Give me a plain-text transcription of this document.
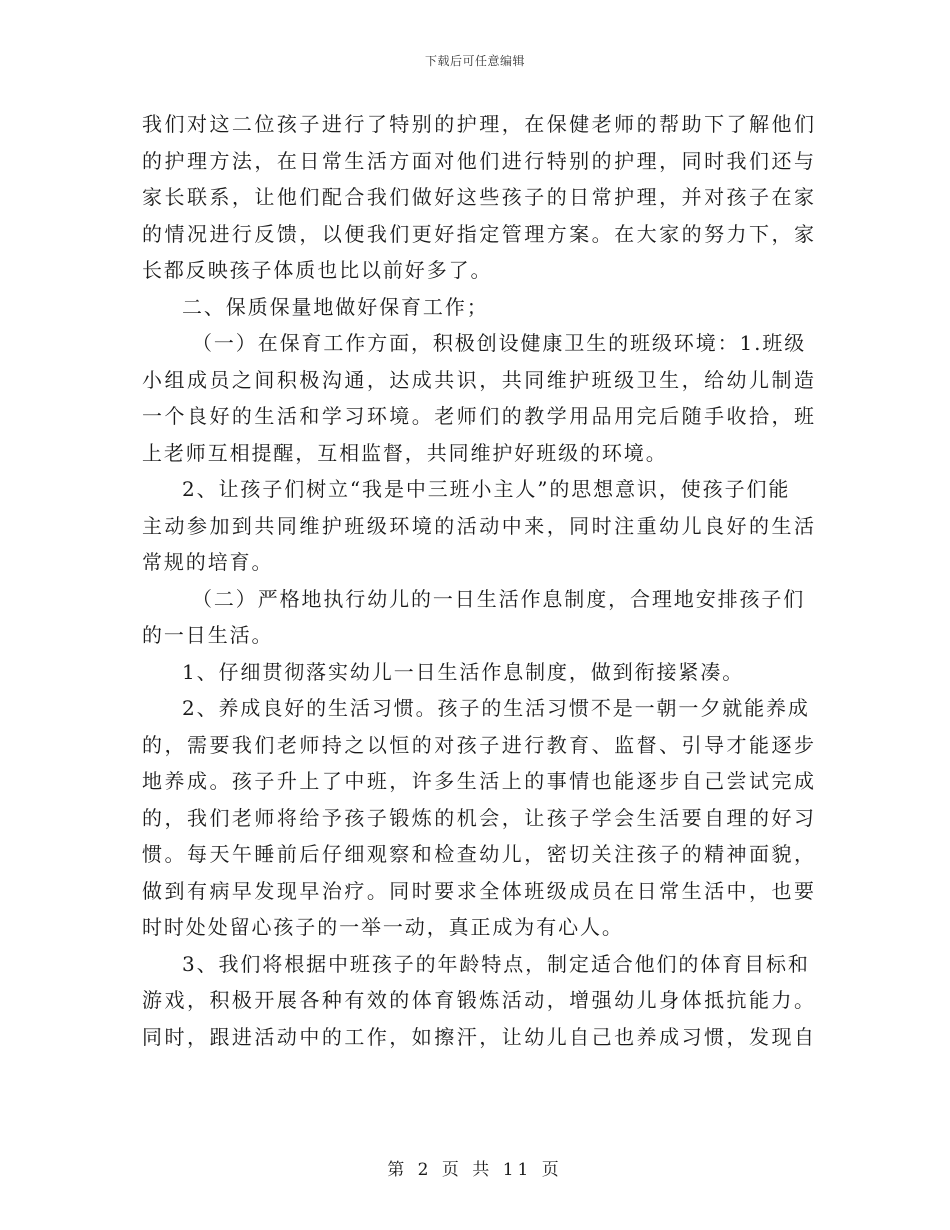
下载后可任意编辑
我们对这二位孩子进行了特别的护理，在保健老师的帮助下了解他们
的护理方法，在日常生活方面对他们进行特别的护理，同时我们还与
家长联系，让他们配合我们做好这些孩子的日常护理，并对孩子在家
的情况进行反馈，以便我们更好指定管理方案。在大家的努力下，家
长都反映孩子体质也比以前好多了。
二、保质保量地做好保育工作；
（一）在保育工作方面，积极创设健康卫生的班级环境：1.班级
小组成员之间积极沟通，达成共识，共同维护班级卫生，给幼儿制造
一个良好的生活和学习环境。老师们的教学用品用完后随手收拾，班
上老师互相提醒，互相监督，共同维护好班级的环境。
2、让孩子们树立“我是中三班小主人”的思想意识，使孩子们能
主动参加到共同维护班级环境的活动中来，同时注重幼儿良好的生活
常规的培育。
（二）严格地执行幼儿的一日生活作息制度，合理地安排孩子们
的一日生活。
1、仔细贯彻落实幼儿一日生活作息制度，做到衔接紧凑。
2、养成良好的生活习惯。孩子的生活习惯不是一朝一夕就能养成
的，需要我们老师持之以恒的对孩子进行教育、监督、引导才能逐步
地养成。孩子升上了中班，许多生活上的事情也能逐步自己尝试完成
的，我们老师将给予孩子锻炼的机会，让孩子学会生活要自理的好习
惯。每天午睡前后仔细观察和检查幼儿，密切关注孩子的精神面貌，
做到有病早发现早治疗。同时要求全体班级成员在日常生活中，也要
时时处处留心孩子的一举一动，真正成为有心人。
3、我们将根据中班孩子的年龄特点，制定适合他们的体育目标和
游戏，积极开展各种有效的体育锻炼活动，增强幼儿身体抵抗能力。
同时，跟进活动中的工作，如擦汗，让幼儿自己也养成习惯，发现自
第 2 页 共 11 页
